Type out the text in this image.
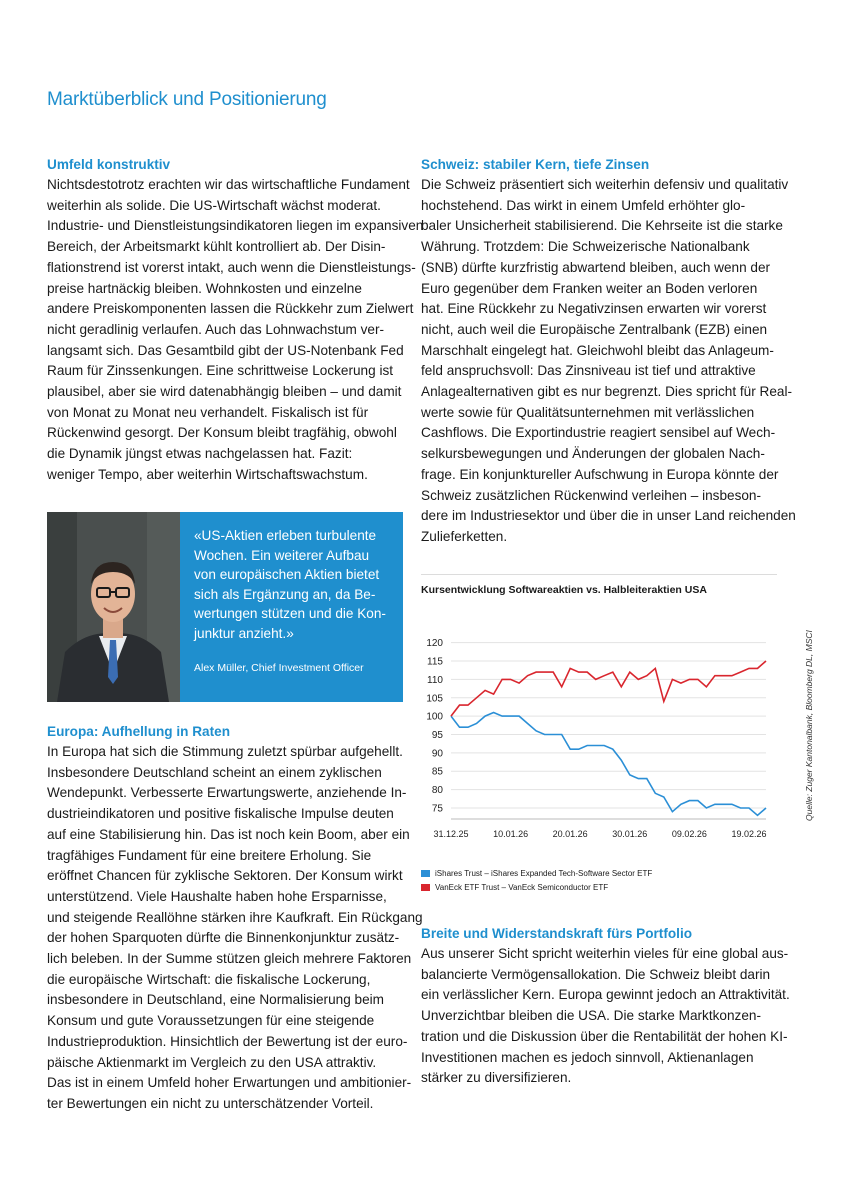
Marktüberblick und Positionierung

Umfeld konstruktiv

Nichtsdestotrotz erachten wir das wirtschaftliche Fundament
weiterhin als solide. Die US-Wirtschaft wächst moderat.
Industrie- und Dienstleistungsindikatoren liegen im expansiven
Bereich, der Arbeitsmarkt kühlt kontrolliert ab. Der Disin-
flationstrend ist vorerst intakt, auch wenn die Dienstleistungs-
preise hartnäckig bleiben. Wohnkosten und einzelne
andere Preiskomponenten lassen die Rückkehr zum Zielwert
nicht geradlinig verlaufen. Auch das Lohnwachstum ver-
langsamt sich. Das Gesamtbild gibt der US-Notenbank Fed
Raum für Zinssenkungen. Eine schrittweise Lockerung ist
plausibel, aber sie wird datenabhängig bleiben – und damit
von Monat zu Monat neu verhandelt. Fiskalisch ist für
Rückenwind gesorgt. Der Konsum bleibt tragfähig, obwohl
die Dynamik jüngst etwas nachgelassen hat. Fazit:
weniger Tempo, aber weiterhin Wirtschaftswachstum.

«US-Aktien erleben turbulente
Wochen. Ein weiterer Aufbau
von europäischen Aktien bietet
sich als Ergänzung an, da Be-
wertungen stützen und die Kon-
junktur anzieht.»
Alex Müller, Chief Investment Officer

Europa: Aufhellung in Raten

In Europa hat sich die Stimmung zuletzt spürbar aufgehellt.
Insbesondere Deutschland scheint an einem zyklischen
Wendepunkt. Verbesserte Erwartungswerte, anziehende In-
dustrieindikatoren und positive fiskalische Impulse deuten
auf eine Stabilisierung hin. Das ist noch kein Boom, aber ein
tragfähiges Fundament für eine breitere Erholung. Sie
eröffnet Chancen für zyklische Sektoren. Der Konsum wirkt
unterstützend. Viele Haushalte haben hohe Ersparnisse,
und steigende Reallöhne stärken ihre Kaufkraft. Ein Rückgang
der hohen Sparquoten dürfte die Binnenkonjunktur zusätz-
lich beleben. In der Summe stützen gleich mehrere Faktoren
die europäische Wirtschaft: die fiskalische Lockerung,
insbesondere in Deutschland, eine Normalisierung beim
Konsum und gute Voraussetzungen für eine steigende
Industrieproduktion. Hinsichtlich der Bewertung ist der euro-
päische Aktienmarkt im Vergleich zu den USA attraktiv.
Das ist in einem Umfeld hoher Erwartungen und ambitionier-
ter Bewertungen ein nicht zu unterschätzender Vorteil.

Schweiz: stabiler Kern, tiefe Zinsen

Die Schweiz präsentiert sich weiterhin defensiv und qualitativ
hochstehend. Das wirkt in einem Umfeld erhöhter glo-
baler Unsicherheit stabilisierend. Die Kehrseite ist die starke
Währung. Trotzdem: Die Schweizerische Nationalbank
(SNB) dürfte kurzfristig abwartend bleiben, auch wenn der
Euro gegenüber dem Franken weiter an Boden verloren
hat. Eine Rückkehr zu Negativzinsen erwarten wir vorerst
nicht, auch weil die Europäische Zentralbank (EZB) einen
Marschhalt eingelegt hat. Gleichwohl bleibt das Anlageum-
feld anspruchsvoll: Das Zinsniveau ist tief und attraktive
Anlagealternativen gibt es nur begrenzt. Dies spricht für Real-
werte sowie für Qualitätsunternehmen mit verlässlichen
Cashflows. Die Exportindustrie reagiert sensibel auf Wech-
selkursbewegungen und Änderungen der globalen Nach-
frage. Ein konjunktureller Aufschwung in Europa könnte der
Schweiz zusätzlichen Rückenwind verleihen – insbeson-
dere im Industriesektor und über die in unser Land reichenden
Zulieferketten.

Kursentwicklung Softwareaktien vs. Halbleiteraktien USA
75
80
85
90
95
100
105
110
115
120
31.12.25	10.01.26	20.01.26	30.01.26	09.02.26	19.02.26
iShares Trust – iShares Expanded Tech-Software Sector ETF
VanEck ETF Trust – VanEck Semiconductor ETF
Quelle: Zuger Kantonalbank, Bloomberg DL, MSCI

Breite und Widerstandskraft fürs Portfolio

Aus unserer Sicht spricht weiterhin vieles für eine global aus-
balancierte Vermögensallokation. Die Schweiz bleibt darin
ein verlässlicher Kern. Europa gewinnt jedoch an Attraktivität.
Unverzichtbar bleiben die USA. Die starke Marktkonzen-
tration und die Diskussion über die Rentabilität der hohen KI-
Investitionen machen es jedoch sinnvoll, Aktienanlagen
stärker zu diversifizieren.
